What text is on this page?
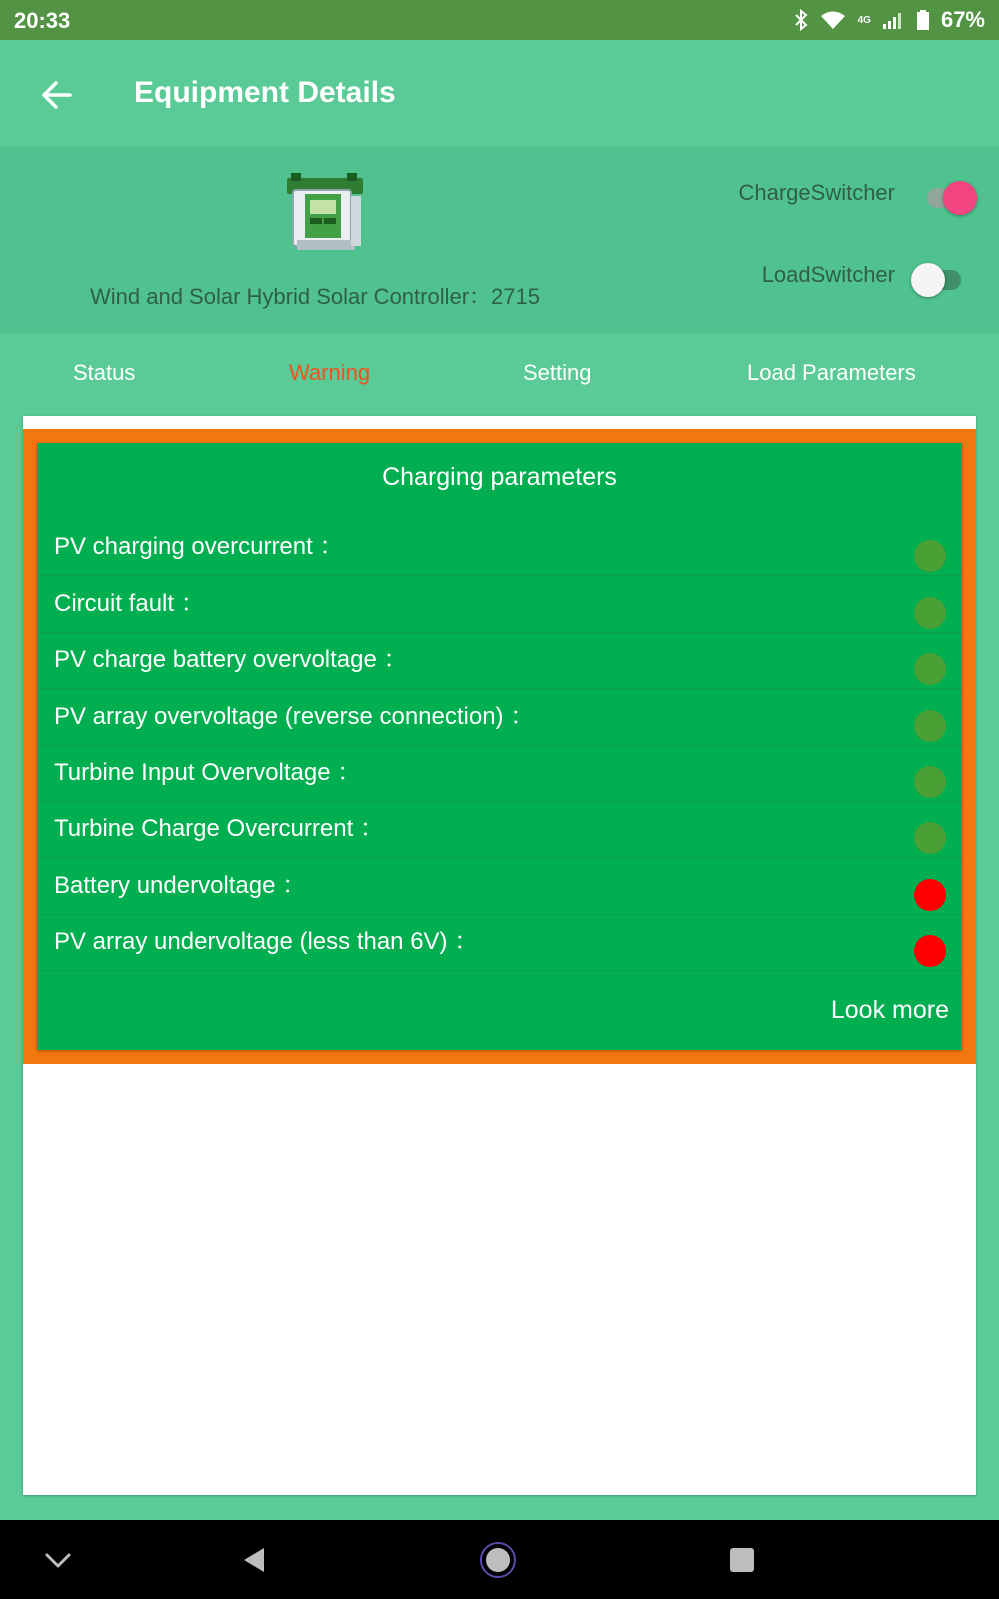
20:33	4G	67%
Equipment Details
Wind and Solar Hybrid Solar Controller：2715
ChargeSwitcher
LoadSwitcher
Status	Warning	Setting	Load Parameters
Charging parameters
PV charging overcurrent ：
Circuit fault ：
PV charge battery overvoltage ：
PV array overvoltage (reverse connection) ：
Turbine Input Overvoltage ：
Turbine Charge Overcurrent ：
Battery undervoltage ：
PV array undervoltage (less than 6V) ：
Look more
